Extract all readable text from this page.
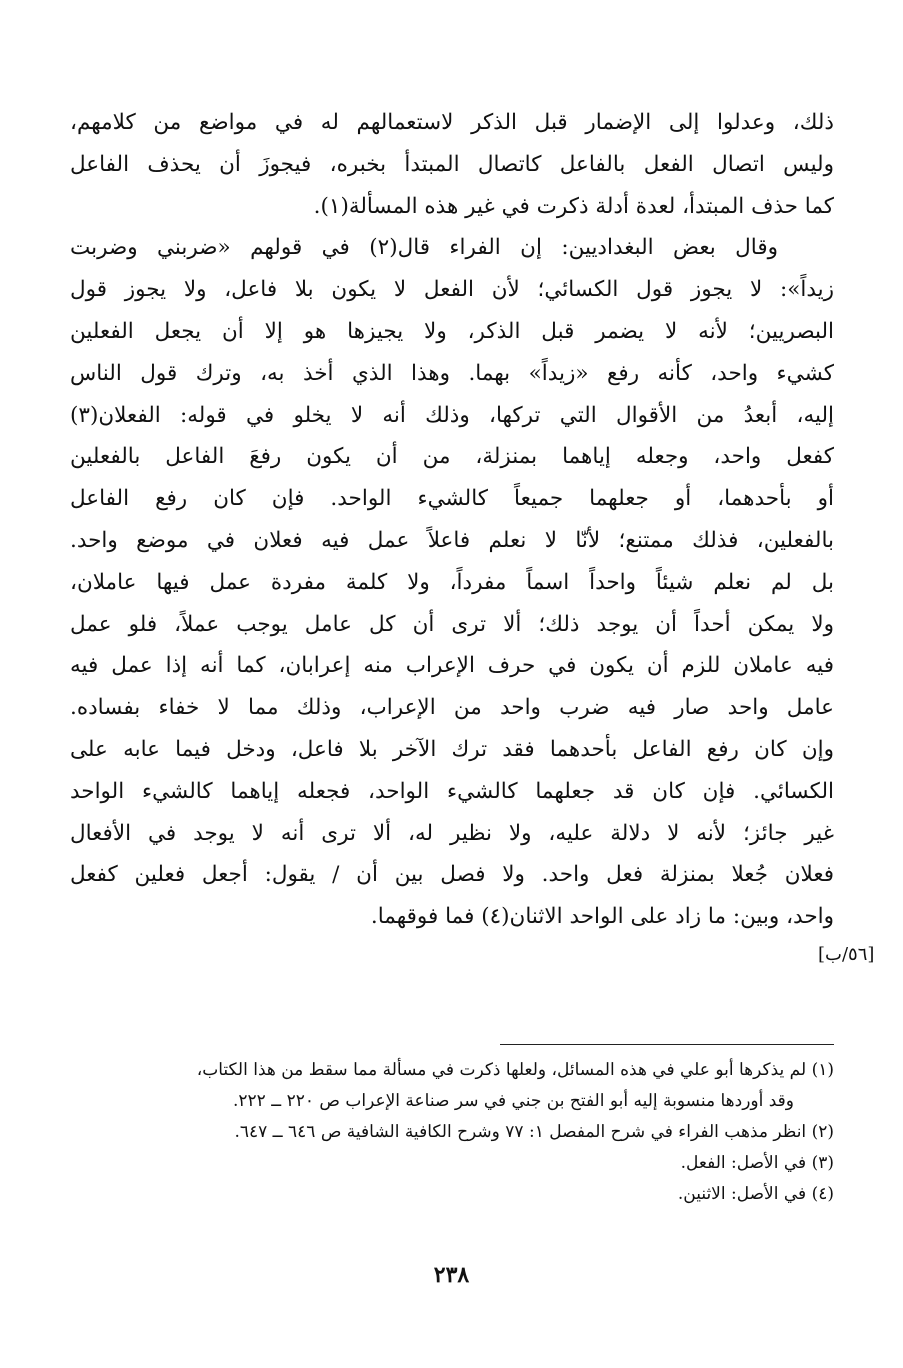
ذلك، وعدلوا إلى الإضمار قبل الذكر لاستعمالهم له في مواضع من كلامهم،
وليس اتصال الفعل بالفاعل كاتصال المبتدأ بخبره، فيجوزَ أن يحذف الفاعل
كما حذف المبتدأ، لعدة أدلة ذكرت في غير هذه المسألة(١).
وقال بعض البغداديين: إن الفراء قال(٢) في قولهم «ضربني وضربت
زيداً»: لا يجوز قول الكسائي؛ لأن الفعل لا يكون بلا فاعل، ولا يجوز قول
البصريين؛ لأنه لا يضمر قبل الذكر، ولا يجيزها هو إلا أن يجعل الفعلين
كشيء واحد، كأنه رفع «زيداً» بهما. وهذا الذي أخذ به، وترك قول الناس
إليه، أبعدُ من الأقوال التي تركها، وذلك أنه لا يخلو في قوله: الفعلان(٣)
كفعل واحد، وجعله إياهما بمنزلة، من أن يكون رفعَ الفاعل بالفعلين
أو بأحدهما، أو جعلهما جميعاً كالشيء الواحد. فإن كان رفع الفاعل
بالفعلين، فذلك ممتنع؛ لأنّا لا نعلم فاعلاً عمل فيه فعلان في موضع واحد.
بل لم نعلم شيئاً واحداً اسماً مفرداً، ولا كلمة مفردة عمل فيها عاملان،
ولا يمكن أحداً أن يوجد ذلك؛ ألا ترى أن كل عامل يوجب عملاً، فلو عمل
فيه عاملان للزم أن يكون في حرف الإعراب منه إعرابان، كما أنه إذا عمل فيه
عامل واحد صار فيه ضرب واحد من الإعراب، وذلك مما لا خفاء بفساده.
وإن كان رفع الفاعل بأحدهما فقد ترك الآخر بلا فاعل، ودخل فيما عابه على
الكسائي. فإن كان قد جعلهما كالشيء الواحد، فجعله إياهما كالشيء الواحد
غير جائز؛ لأنه لا دلالة عليه، ولا نظير له، ألا ترى أنه لا يوجد في الأفعال
فعلان جُعلا بمنزلة فعل واحد. ولا فصل بين أن / يقول: أجعل فعلين كفعل
واحد، وبين: ما زاد على الواحد الاثنان(٤) فما فوقهما.
[٥٦/ب]
(١) لم يذكرها أبو علي في هذه المسائل، ولعلها ذكرت في مسألة مما سقط من هذا الكتاب،
وقد أوردها منسوبة إليه أبو الفتح بن جني في سر صناعة الإعراب ص ٢٢٠ ــ ٢٢٢.
(٢) انظر مذهب الفراء في شرح المفصل ١: ٧٧ وشرح الكافية الشافية ص ٦٤٦ ــ ٦٤٧.
(٣) في الأصل: الفعل.
(٤) في الأصل: الاثنين.
٢٣٨
